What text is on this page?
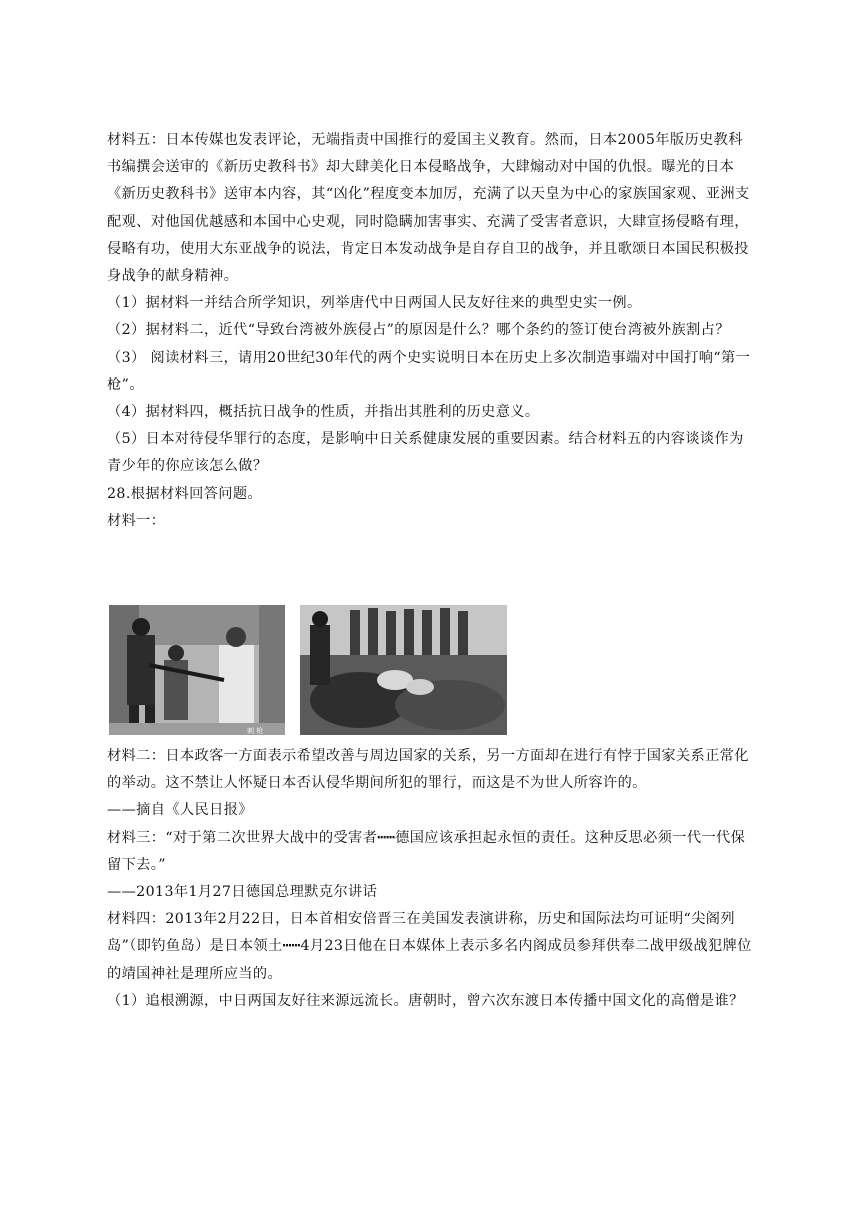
材料五：日本传媒也发表评论，无端指责中国推行的爱国主义教育。然而，日本2005年版历史教科书编撰会送审的《新历史教科书》却大肆美化日本侵略战争，大肆煽动对中国的仇恨。曝光的日本《新历史教科书》送审本内容，其“凶化”程度变本加厉，充满了以天皇为中心的家族国家观、亚洲支配观、对他国优越感和本国中心史观，同时隐瞒加害事实、充满了受害者意识，大肆宣扬侵略有理，侵略有功，使用大东亚战争的说法，肯定日本发动战争是自存自卫的战争，并且歌颂日本国民积极投身战争的献身精神。

（1）据材料一并结合所学知识，列举唐代中日两国人民友好往来的典型史实一例。

（2）据材料二，近代“导致台湾被外族侵占”的原因是什么？哪个条约的签订使台湾被外族割占？

（3） 阅读材料三，请用20世纪30年代的两个史实说明日本在历史上多次制造事端对中国打响“第一枪”。

（4）据材料四，概括抗日战争的性质，并指出其胜利的历史意义。

（5）日本对待侵华罪行的态度，是影响中日关系健康发展的重要因素。结合材料五的内容谈谈作为青少年的你应该怎么做？

28.根据材料回答问题。

材料一：

刺 枪

材料二：日本政客一方面表示希望改善与周边国家的关系，另一方面却在进行有悖于国家关系正常化的举动。这不禁让人怀疑日本否认侵华期间所犯的罪行，而这是不为世人所容许的。

——摘自《人民日报》

材料三：“对于第二次世界大战中的受害者┅┅德国应该承担起永恒的责任。这种反思必须一代一代保留下去。”

——2013年1月27日德国总理默克尔讲话

材料四：2013年2月22日，日本首相安倍晋三在美国发表演讲称，历史和国际法均可证明“尖阁列岛”（即钓鱼岛）是日本领土┅┅4月23日他在日本媒体上表示多名内阁成员参拜供奉二战甲级战犯牌位的靖国神社是理所应当的。

（1）追根溯源，中日两国友好往来源远流长。唐朝时，曾六次东渡日本传播中国文化的高僧是谁？
